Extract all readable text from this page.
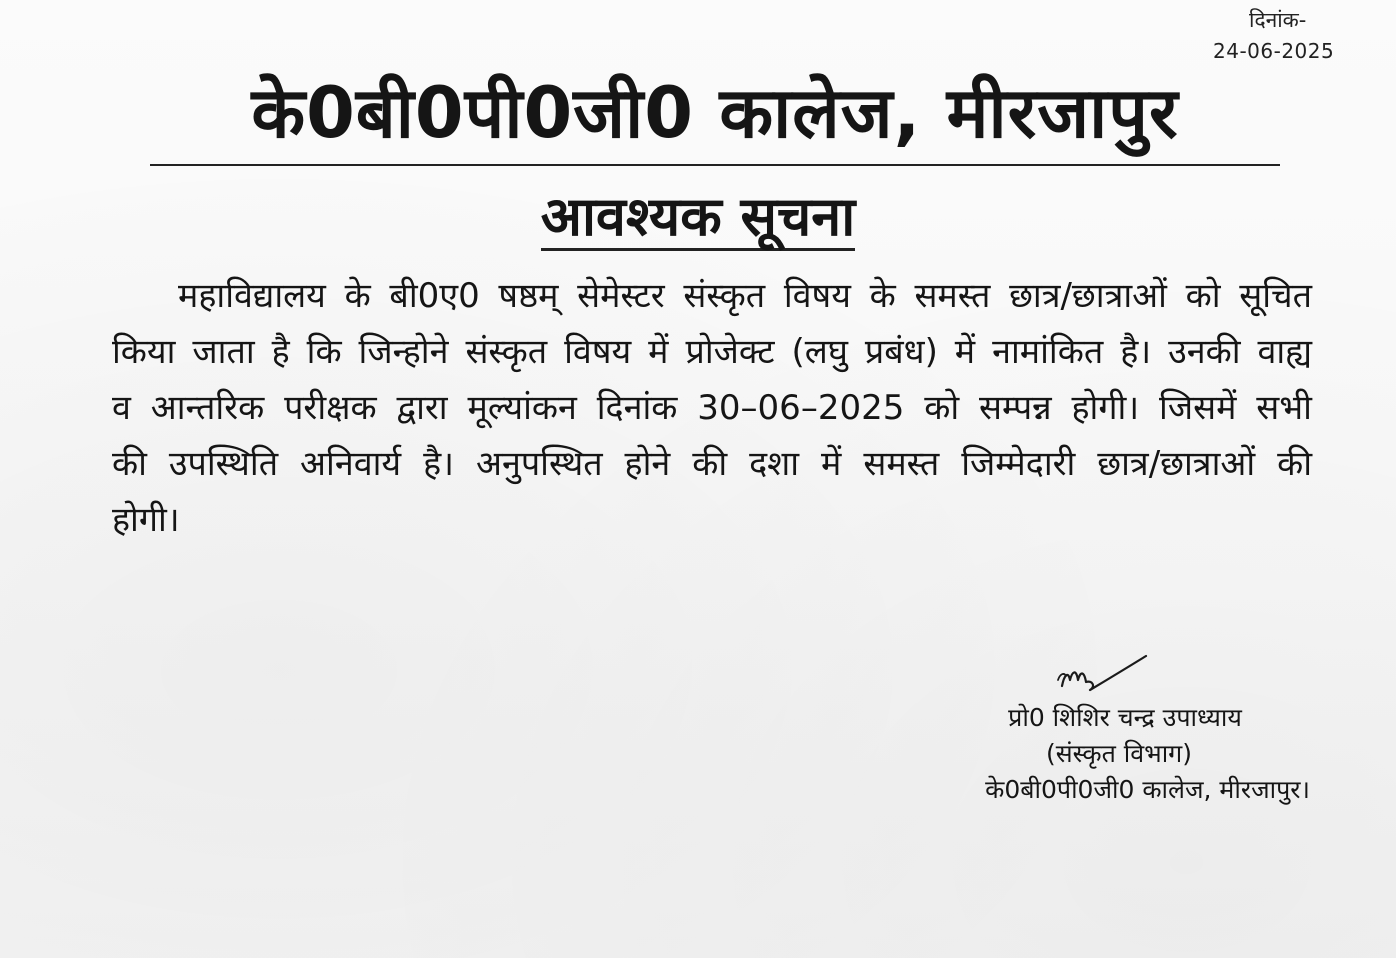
दिनांक-
24-06-2025
के0बी0पी0जी0 कालेज, मीरजापुर
आवश्यक सूचना

महाविद्यालय के बी0ए0 षष्ठम् सेमेस्टर संस्कृत विषय के समस्त छात्र/छात्राओं को सूचित किया जाता है कि जिन्होने संस्कृत विषय में प्रोजेक्ट (लघु प्रबंध) में नामांकित है। उनकी वाह्य व आन्तरिक परीक्षक द्वारा मूल्यांकन दिनांक 30–06–2025 को सम्पन्न होगी। जिसमें सभी की उपस्थिति अनिवार्य है। अनुपस्थित होने की दशा में समस्त जिम्मेदारी छात्र/छात्राओं की होगी।

प्रो0 शिशिर चन्द्र उपाध्याय
(संस्कृत विभाग)
के0बी0पी0जी0 कालेज, मीरजापुर।
